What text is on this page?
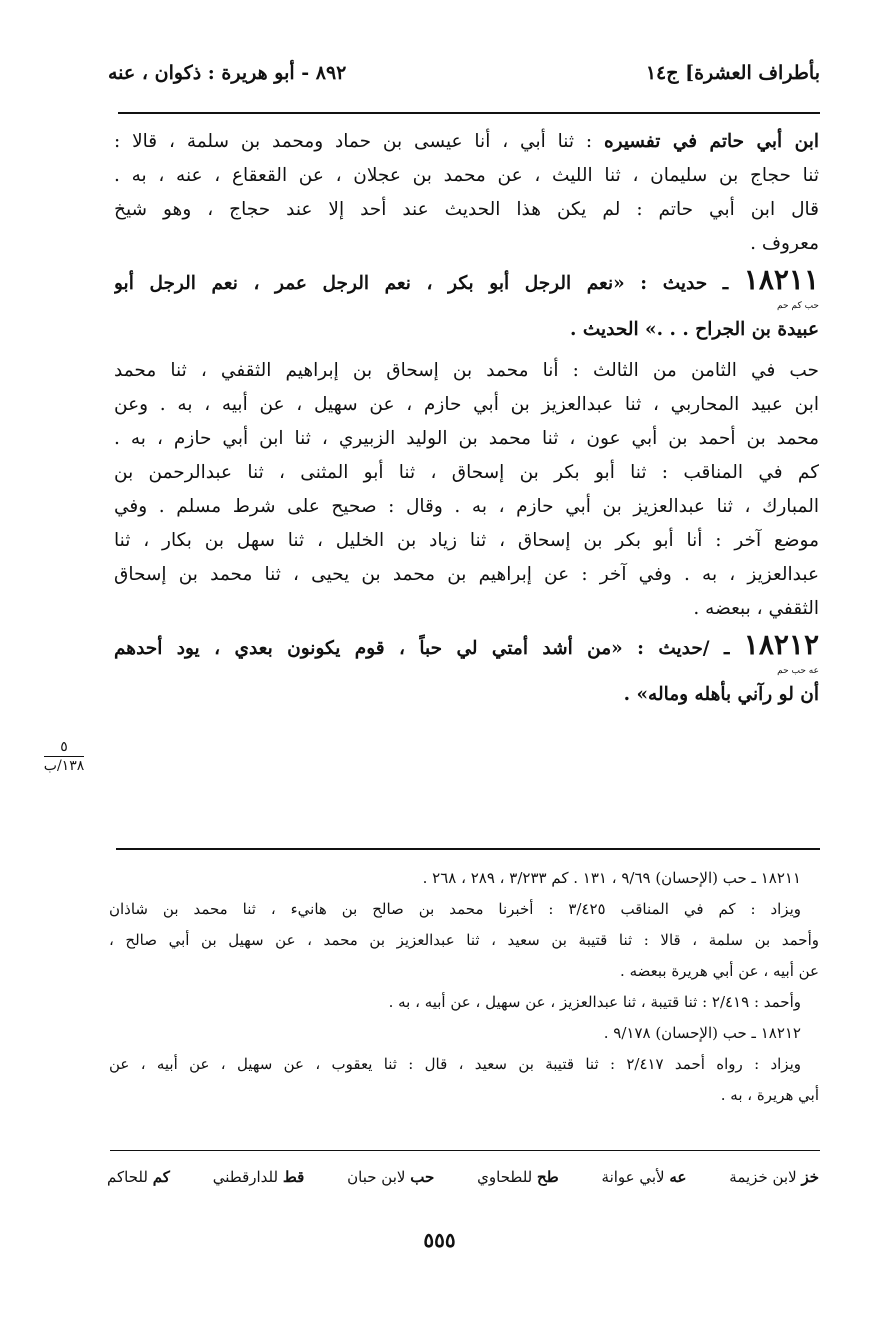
بأطراف العشرة] ج١٤
٨٩٢ - أبو هريرة : ذكوان ، عنه
ابن أبي حاتم في تفسيره : ثنا أبي ، أنا عيسى بن حماد ومحمد بن سلمة ، قالا :
ثنا حجاج بن سليمان ، ثنا الليث ، عن محمد بن عجلان ، عن القعقاع ، عنه ، به .
قال ابن أبي حاتم : لم يكن هذا الحديث عند أحد إلا عند حجاج ، وهو شيخ
معروف .
١٨٢١١ ـ حديث : «نعم الرجل أبو بكر ، نعم الرجل عمر ، نعم الرجل أبو
حب كم حم
عبيدة بن الجراح . . .» الحديث .
حب في الثامن من الثالث : أنا محمد بن إسحاق بن إبراهيم الثقفي ، ثنا محمد
ابن عبيد المحاربي ، ثنا عبدالعزيز بن أبي حازم ، عن سهيل ، عن أبيه ، به . وعن
محمد بن أحمد بن أبي عون ، ثنا محمد بن الوليد الزبيري ، ثنا ابن أبي حازم ، به .
كم في المناقب : ثنا أبو بكر بن إسحاق ، ثنا أبو المثنى ، ثنا عبدالرحمن بن
المبارك ، ثنا عبدالعزيز بن أبي حازم ، به . وقال : صحيح على شرط مسلم . وفي
موضع آخر : أنا أبو بكر بن إسحاق ، ثنا زياد بن الخليل ، ثنا سهل بن بكار ، ثنا
عبدالعزيز ، به . وفي آخر : عن إبراهيم بن محمد بن يحيى ، ثنا محمد بن إسحاق
الثقفي ، ببعضه .
١٨٢١٢ ـ /حديث : «من أشد أمتي لي حباً ، قوم يكونون بعدي ، يود أحدهم
عه حب حم
أن لو رآني بأهله وماله» .
٥
١٣٨/ب
١٨٢١١ ـ حب (الإحسان) ٩/٦٩ ، ١٣١ . كم ٣/٢٣٣ ، ٢٨٩ ، ٢٦٨ .
ويزاد : كم في المناقب ٣/٤٢٥ : أخبرنا محمد بن صالح بن هانيء ، ثنا محمد بن شاذان
وأحمد بن سلمة ، قالا : ثنا قتيبة بن سعيد ، ثنا عبدالعزيز بن محمد ، عن سهيل بن أبي صالح ،
عن أبيه ، عن أبي هريرة ببعضه .
وأحمد : ٢/٤١٩ : ثنا قتيبة ، ثنا عبدالعزيز ، عن سهيل ، عن أبيه ، به .
١٨٢١٢ ـ حب (الإحسان) ٩/١٧٨ .
ويزاد : رواه أحمد ٢/٤١٧ : ثنا قتيبة بن سعيد ، قال : ثنا يعقوب ، عن سهيل ، عن أبيه ، عن
أبي هريرة ، به .
خز لابن خزيمة
عه لأبي عوانة
طح للطحاوي
حب لابن حبان
قط للدارقطني
كم للحاكم
٥٥٥
